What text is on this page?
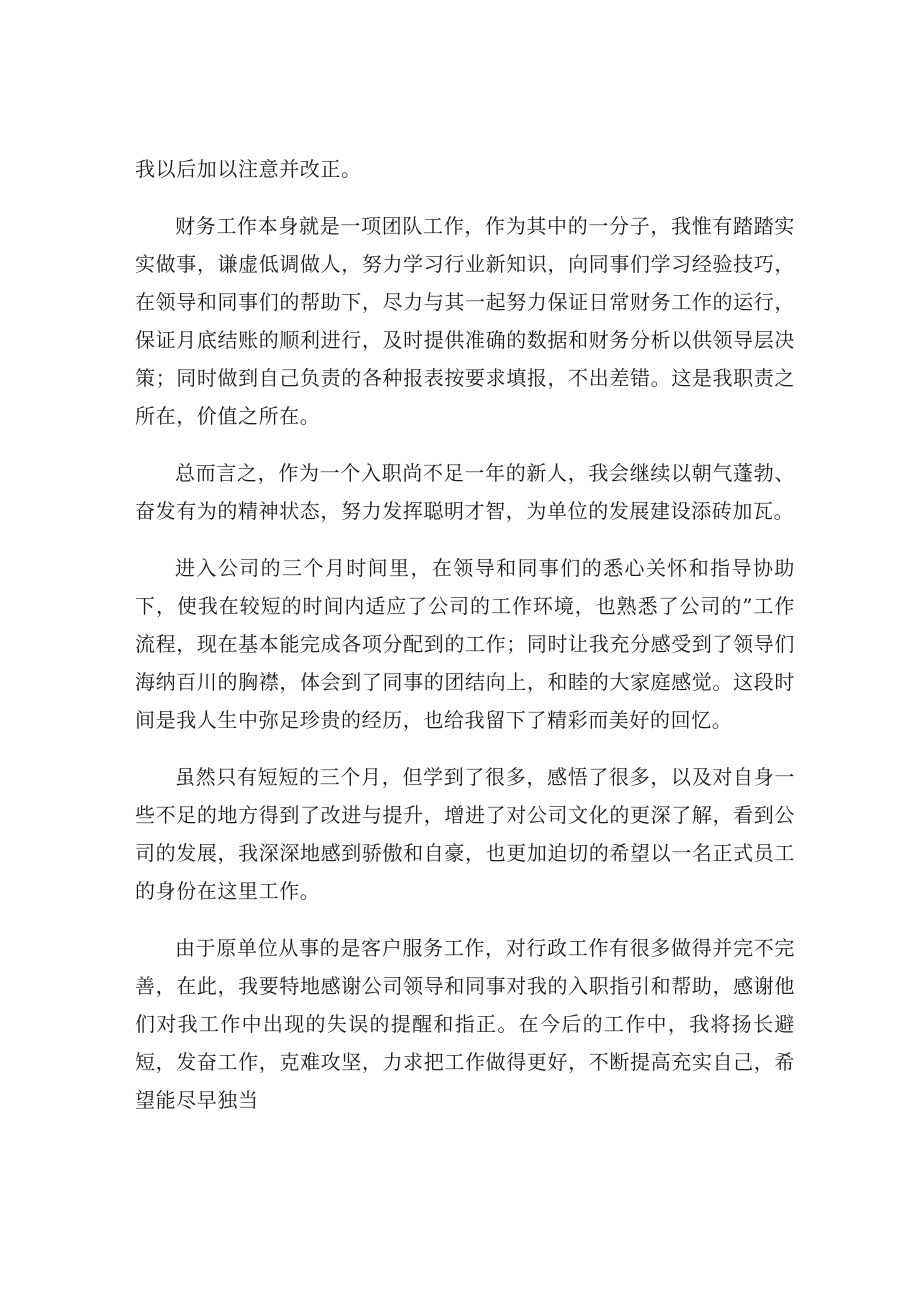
我以后加以注意并改正。

财务工作本身就是一项团队工作，作为其中的一分子，我惟有踏踏实实做事，谦虚低调做人，努力学习行业新知识，向同事们学习经验技巧，在领导和同事们的帮助下，尽力与其一起努力保证日常财务工作的运行，保证月底结账的顺利进行，及时提供准确的数据和财务分析以供领导层决策；同时做到自己负责的各种报表按要求填报，不出差错。这是我职责之所在，价值之所在。

总而言之，作为一个入职尚不足一年的新人，我会继续以朝气蓬勃、奋发有为的精神状态，努力发挥聪明才智，为单位的发展建设添砖加瓦。

进入公司的三个月时间里，在领导和同事们的悉心关怀和指导协助下，使我在较短的时间内适应了公司的工作环境，也熟悉了公司的”工作流程，现在基本能完成各项分配到的工作；同时让我充分感受到了领导们海纳百川的胸襟，体会到了同事的团结向上，和睦的大家庭感觉。这段时间是我人生中弥足珍贵的经历，也给我留下了精彩而美好的回忆。

虽然只有短短的三个月，但学到了很多，感悟了很多，以及对自身一些不足的地方得到了改进与提升，增进了对公司文化的更深了解，看到公司的发展，我深深地感到骄傲和自豪，也更加迫切的希望以一名正式员工的身份在这里工作。

由于原单位从事的是客户服务工作，对行政工作有很多做得并完不完善，在此，我要特地感谢公司领导和同事对我的入职指引和帮助，感谢他们对我工作中出现的失误的提醒和指正。在今后的工作中，我将扬长避短，发奋工作，克难攻坚，力求把工作做得更好，不断提高充实自己，希望能尽早独当
